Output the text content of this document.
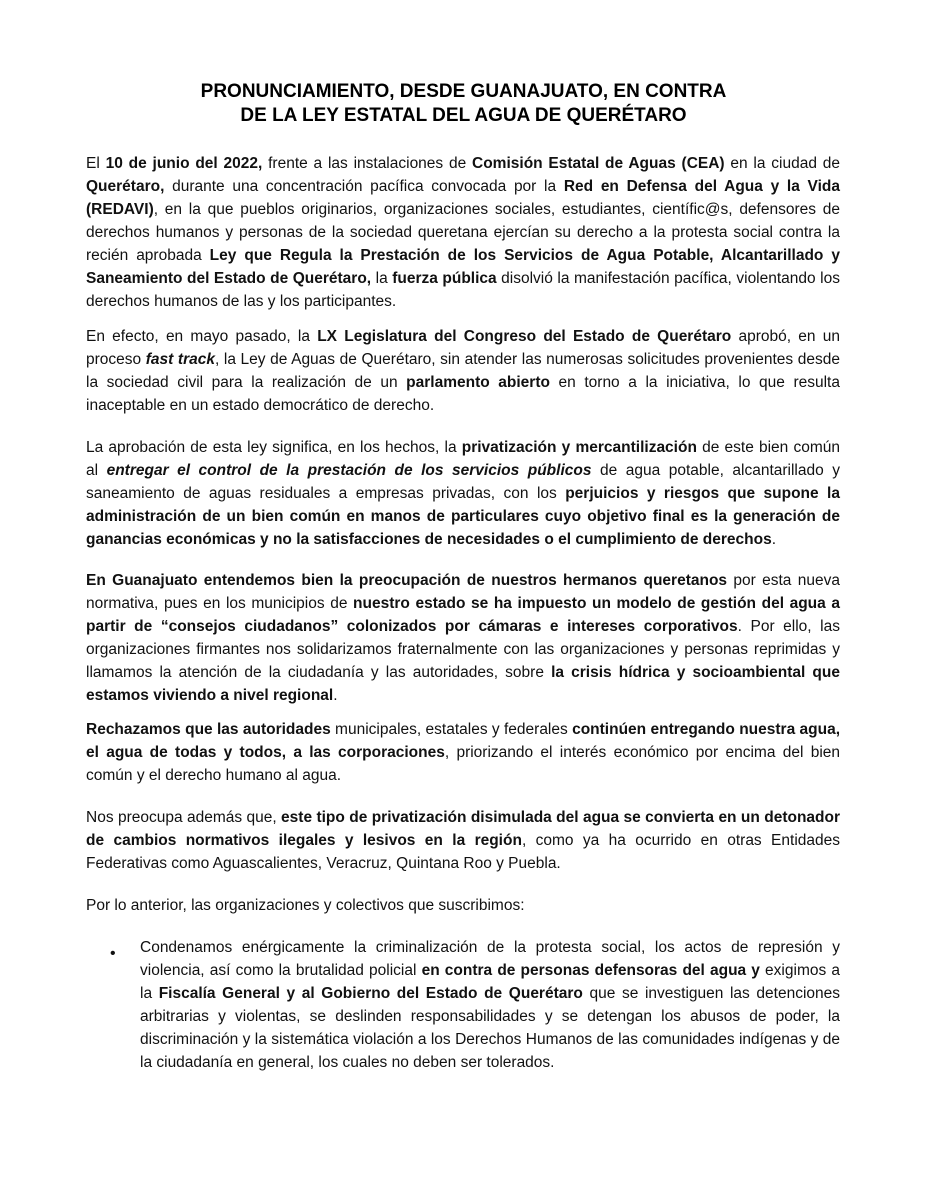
PRONUNCIAMIENTO, DESDE GUANAJUATO, EN CONTRA
DE LA LEY ESTATAL DEL AGUA DE QUERÉTARO

El 10 de junio del 2022, frente a las instalaciones de Comisión Estatal de Aguas (CEA) en la ciudad de Querétaro, durante una concentración pacífica convocada por la Red en Defensa del Agua y la Vida (REDAVI), en la que pueblos originarios, organizaciones sociales, estudiantes, científic@s, defensores de derechos humanos y personas de la sociedad queretana ejercían su derecho a la protesta social contra la recién aprobada Ley que Regula la Prestación de los Servicios de Agua Potable, Alcantarillado y Saneamiento del Estado de Querétaro, la fuerza pública disolvió la manifestación pacífica, violentando los derechos humanos de las y los participantes.

En efecto, en mayo pasado, la LX Legislatura del Congreso del Estado de Querétaro aprobó, en un proceso fast track, la Ley de Aguas de Querétaro, sin atender las numerosas solicitudes provenientes desde la sociedad civil para la realización de un parlamento abierto en torno a la iniciativa, lo que resulta inaceptable en un estado democrático de derecho.

La aprobación de esta ley significa, en los hechos, la privatización y mercantilización de este bien común al entregar el control de la prestación de los servicios públicos de agua potable, alcantarillado y saneamiento de aguas residuales a empresas privadas, con los perjuicios y riesgos que supone la administración de un bien común en manos de particulares cuyo objetivo final es la generación de ganancias económicas y no la satisfacciones de necesidades o el cumplimiento de derechos.

En Guanajuato entendemos bien la preocupación de nuestros hermanos queretanos por esta nueva normativa, pues en los municipios de nuestro estado se ha impuesto un modelo de gestión del agua a partir de “consejos ciudadanos” colonizados por cámaras e intereses corporativos. Por ello, las organizaciones firmantes nos solidarizamos fraternalmente con las organizaciones y personas reprimidas y llamamos la atención de la ciudadanía y las autoridades, sobre la crisis hídrica y socioambiental que estamos viviendo a nivel regional.

Rechazamos que las autoridades municipales, estatales y federales continúen entregando nuestra agua, el agua de todas y todos, a las corporaciones, priorizando el interés económico por encima del bien común y el derecho humano al agua.

Nos preocupa además que, este tipo de privatización disimulada del agua se convierta en un detonador de cambios normativos ilegales y lesivos en la región, como ya ha ocurrido en otras Entidades Federativas como Aguascalientes, Veracruz, Quintana Roo y Puebla.

Por lo anterior, las organizaciones y colectivos que suscribimos:

• Condenamos enérgicamente la criminalización de la protesta social, los actos de represión y violencia, así como la brutalidad policial en contra de personas defensoras del agua y exigimos a la Fiscalía General y al Gobierno del Estado de Querétaro que se investiguen las detenciones arbitrarias y violentas, se deslinden responsabilidades y se detengan los abusos de poder, la discriminación y la sistemática violación a los Derechos Humanos de las comunidades indígenas y de la ciudadanía en general, los cuales no deben ser tolerados.
